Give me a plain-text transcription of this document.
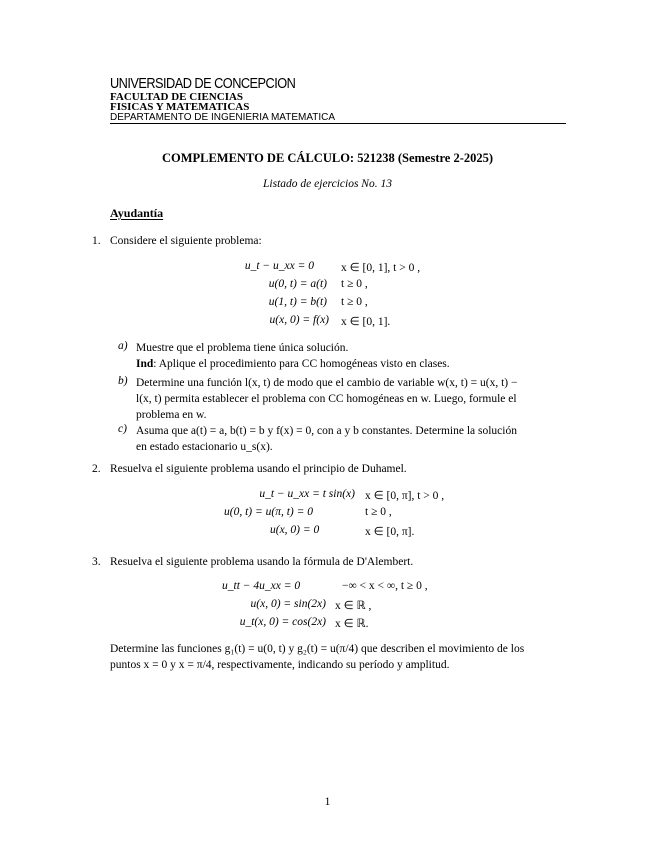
UNIVERSIDAD DE CONCEPCION
FACULTAD DE CIENCIAS
FISICAS Y MATEMATICAS
DEPARTAMENTO DE INGENIERIA MATEMATICA
COMPLEMENTO DE CÁLCULO: 521238 (Semestre 2-2025)
Listado de ejercicios No. 13
Ayudantía
1. Considere el siguiente problema:
u_t − u_xx = 0 x ∈ [0, 1], t > 0 ,
u(0, t) = a(t) t ≥ 0 ,
u(1, t) = b(t) t ≥ 0 ,
u(x, 0) = f(x) x ∈ [0, 1].
a) Muestre que el problema tiene única solución.
Ind: Aplique el procedimiento para CC homogéneas visto en clases.
b) Determine una función l(x, t) de modo que el cambio de variable w(x, t) = u(x, t) −
l(x, t) permita establecer el problema con CC homogéneas en w. Luego, formule el
problema en w.
c) Asuma que a(t) = a, b(t) = b y f(x) = 0, con a y b constantes. Determine la solución
en estado estacionario u_s(x).
2. Resuelva el siguiente problema usando el principio de Duhamel.
u_t − u_xx = t sin(x) x ∈ [0, π], t > 0 ,
u(0, t) = u(π, t) = 0	t ≥ 0 ,
u(x, 0) = 0	x ∈ [0, π].
3. Resuelva el siguiente problema usando la fórmula de D'Alembert.
u_tt − 4u_xx = 0	−∞ < x < ∞, t ≥ 0 ,
u(x, 0) = sin(2x) x ∈ ℝ ,
u_t(x, 0) = cos(2x) x ∈ ℝ.
Determine las funciones g₁(t) = u(0, t) y g₂(t) = u(π/4) que describen el movimiento de los
puntos x = 0 y x = π/4, respectivamente, indicando su período y amplitud.
1
